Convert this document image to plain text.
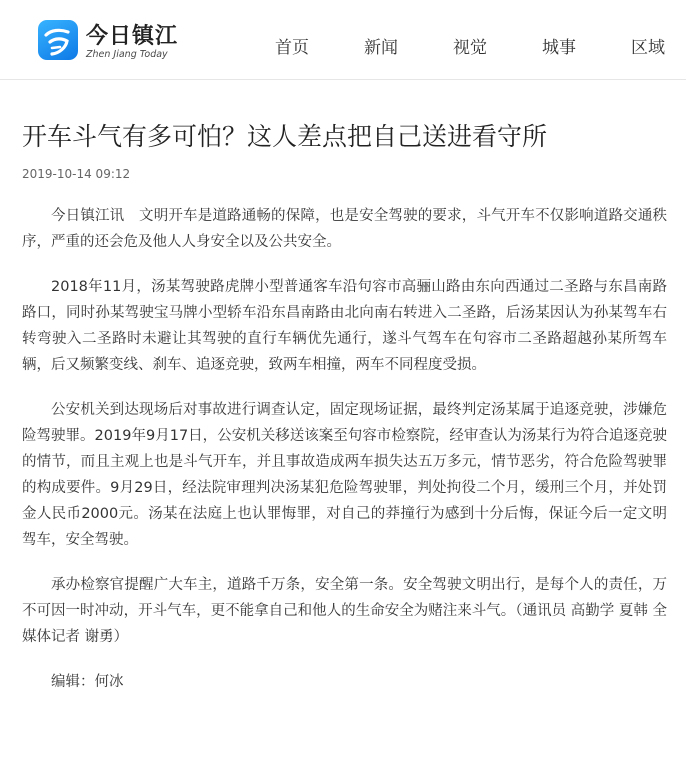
今日镇江
Zhen Jiang Today	首页	新闻	视觉	城事	区域
开车斗气有多可怕？这人差点把自己送进看守所
2019-10-14 09:12

今日镇江讯　文明开车是道路通畅的保障，也是安全驾驶的要求，斗气开车不仅影响道路交通秩序，严重的还会危及他人人身安全以及公共安全。

2018年11月，汤某驾驶路虎牌小型普通客车沿句容市高骊山路由东向西通过二圣路与东昌南路路口，同时孙某驾驶宝马牌小型轿车沿东昌南路由北向南右转进入二圣路，后汤某因认为孙某驾车右转弯驶入二圣路时未避让其驾驶的直行车辆优先通行，遂斗气驾车在句容市二圣路超越孙某所驾车辆，后又频繁变线、刹车、追逐竞驶，致两车相撞，两车不同程度受损。

公安机关到达现场后对事故进行调查认定，固定现场证据，最终判定汤某属于追逐竞驶，涉嫌危险驾驶罪。2019年9月17日，公安机关移送该案至句容市检察院，经审查认为汤某行为符合追逐竞驶的情节，而且主观上也是斗气开车，并且事故造成两车损失达五万多元，情节恶劣，符合危险驾驶罪的构成要件。9月29日，经法院审理判决汤某犯危险驾驶罪，判处拘役二个月，缓刑三个月，并处罚金人民币2000元。汤某在法庭上也认罪悔罪，对自己的莽撞行为感到十分后悔，保证今后一定文明驾车，安全驾驶。

承办检察官提醒广大车主，道路千万条，安全第一条。安全驾驶文明出行，是每个人的责任，万不可因一时冲动，开斗气车，更不能拿自己和他人的生命安全为赌注来斗气。（通讯员 高勤学 夏韩 全媒体记者 谢勇）

编辑：何冰
